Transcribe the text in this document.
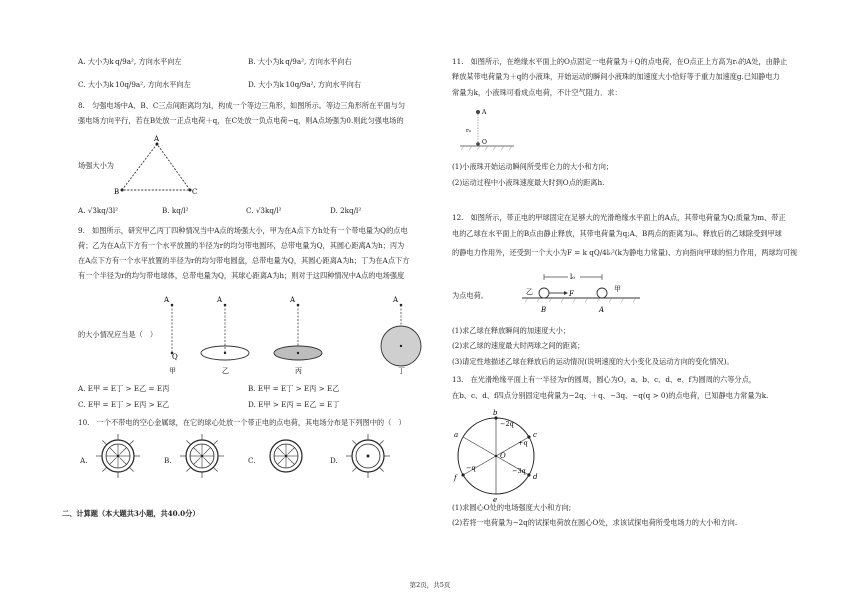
A. 大小为k q/9a², 方向水平向左	B. 大小为k q/9a², 方向水平向右
C. 大小为k 10q/9a², 方向水平向左	D. 大小为k 10q/9a², 方向水平向右
8.　匀强电场中A、B、C三点间距离均为l，构成一个等边三角形，如图所示。等边三角形所在平面与匀
强电场方向平行，若在B处放一正点电荷＋q，在C处放一负点电荷−q，则A点场强为0.则此匀强电场的
场强大小为
A
B	C
A. √3kq/3l²	B. kq/l²	C. √3kq/l²	D. 2kq/l²
9.　如图所示，研究甲乙丙丁四种情况当中A点的场强大小，甲为在A点下方h处有一个带电量为Q的点电
荷；乙为在A点下方有一个水平放置的半径为r的均匀带电圆环，总带电量为Q，其圆心距离A为h；丙为
在A点下方有一个水平放置的半径为r的均匀带电圆盘，总带电量为Q，其圆心距离A为h；丁为在A点下方
有一个半径为r的均匀带电球体，总带电量为Q，其球心距离A为h；则对于这四种情况中A点的电场强度
的大小情况应当是（　）
A
Q
甲
A
乙
A
丙
A
丁
A. E甲 = E丁 > E乙 = E丙	B. E甲 = E丁 > E丙 > E乙
C. E甲 = E丁 > E丙 > E乙	D. E甲 > E丙 = E乙 = E丁
10.　一个不带电的空心金属球，在它的球心处放一个带正电的点电荷，其电场分布是下列图中的（　）
A.	B.	C.	D.
二、计算题（本大题共3小题，共40.0分）
11.　如图所示，在绝缘水平面上的O点固定一电荷量为＋Q的点电荷，在O点正上方高为r₀的A处，由静止
释放某带电荷量为＋q的小液珠，开始运动的瞬间小液珠的加速度大小恰好等于重力加速度g.已知静电力
常量为k，小液珠可看成点电荷，不计空气阻力．求：
A
r₀
O
(1)小液珠开始运动瞬间所受库仑力的大小和方向；
(2)运动过程中小液珠速度最大时到O点的距离h.
12.　如图所示，带正电的甲球固定在足够大的光滑绝缘水平面上的A点，其带电荷量为Q;质量为m、带正
电的乙球在水平面上的B点由静止释放，其带电荷量为q;A、B两点的距离为l₀。释放后的乙球除受到甲球
的静电力作用外，还受到一个大小为F = k qQ/4l₀²(k为静电力常量)、方向指向甲球的恒力作用，两球均可视
为点电荷。
l₀
乙	F
甲
B	A
(1)求乙球在释放瞬间的加速度大小；
(2)求乙球的速度最大时两球之间的距离；
(3)请定性地描述乙球在释放后的运动情况(说明速度的大小变化及运动方向的变化情况)。
13.　在光滑绝缘平面上有一半径为r的圆周，圆心为O，a、b、c、d、e、f为圆周的六等分点，
在b、c、d、f四点分别固定电荷量为−2q、＋q、−3q、−q(q > 0)的点电荷，已知静电力常量为k.
a
b
c
d
e
f
O
−2q
+q
−3q
−q
(1)求圆心O处的电场强度大小和方向;
(2)若将一电荷量为−2q的试探电荷放在圆心O处，求该试探电荷所受电场力的大小和方向.
第2页，共5页
